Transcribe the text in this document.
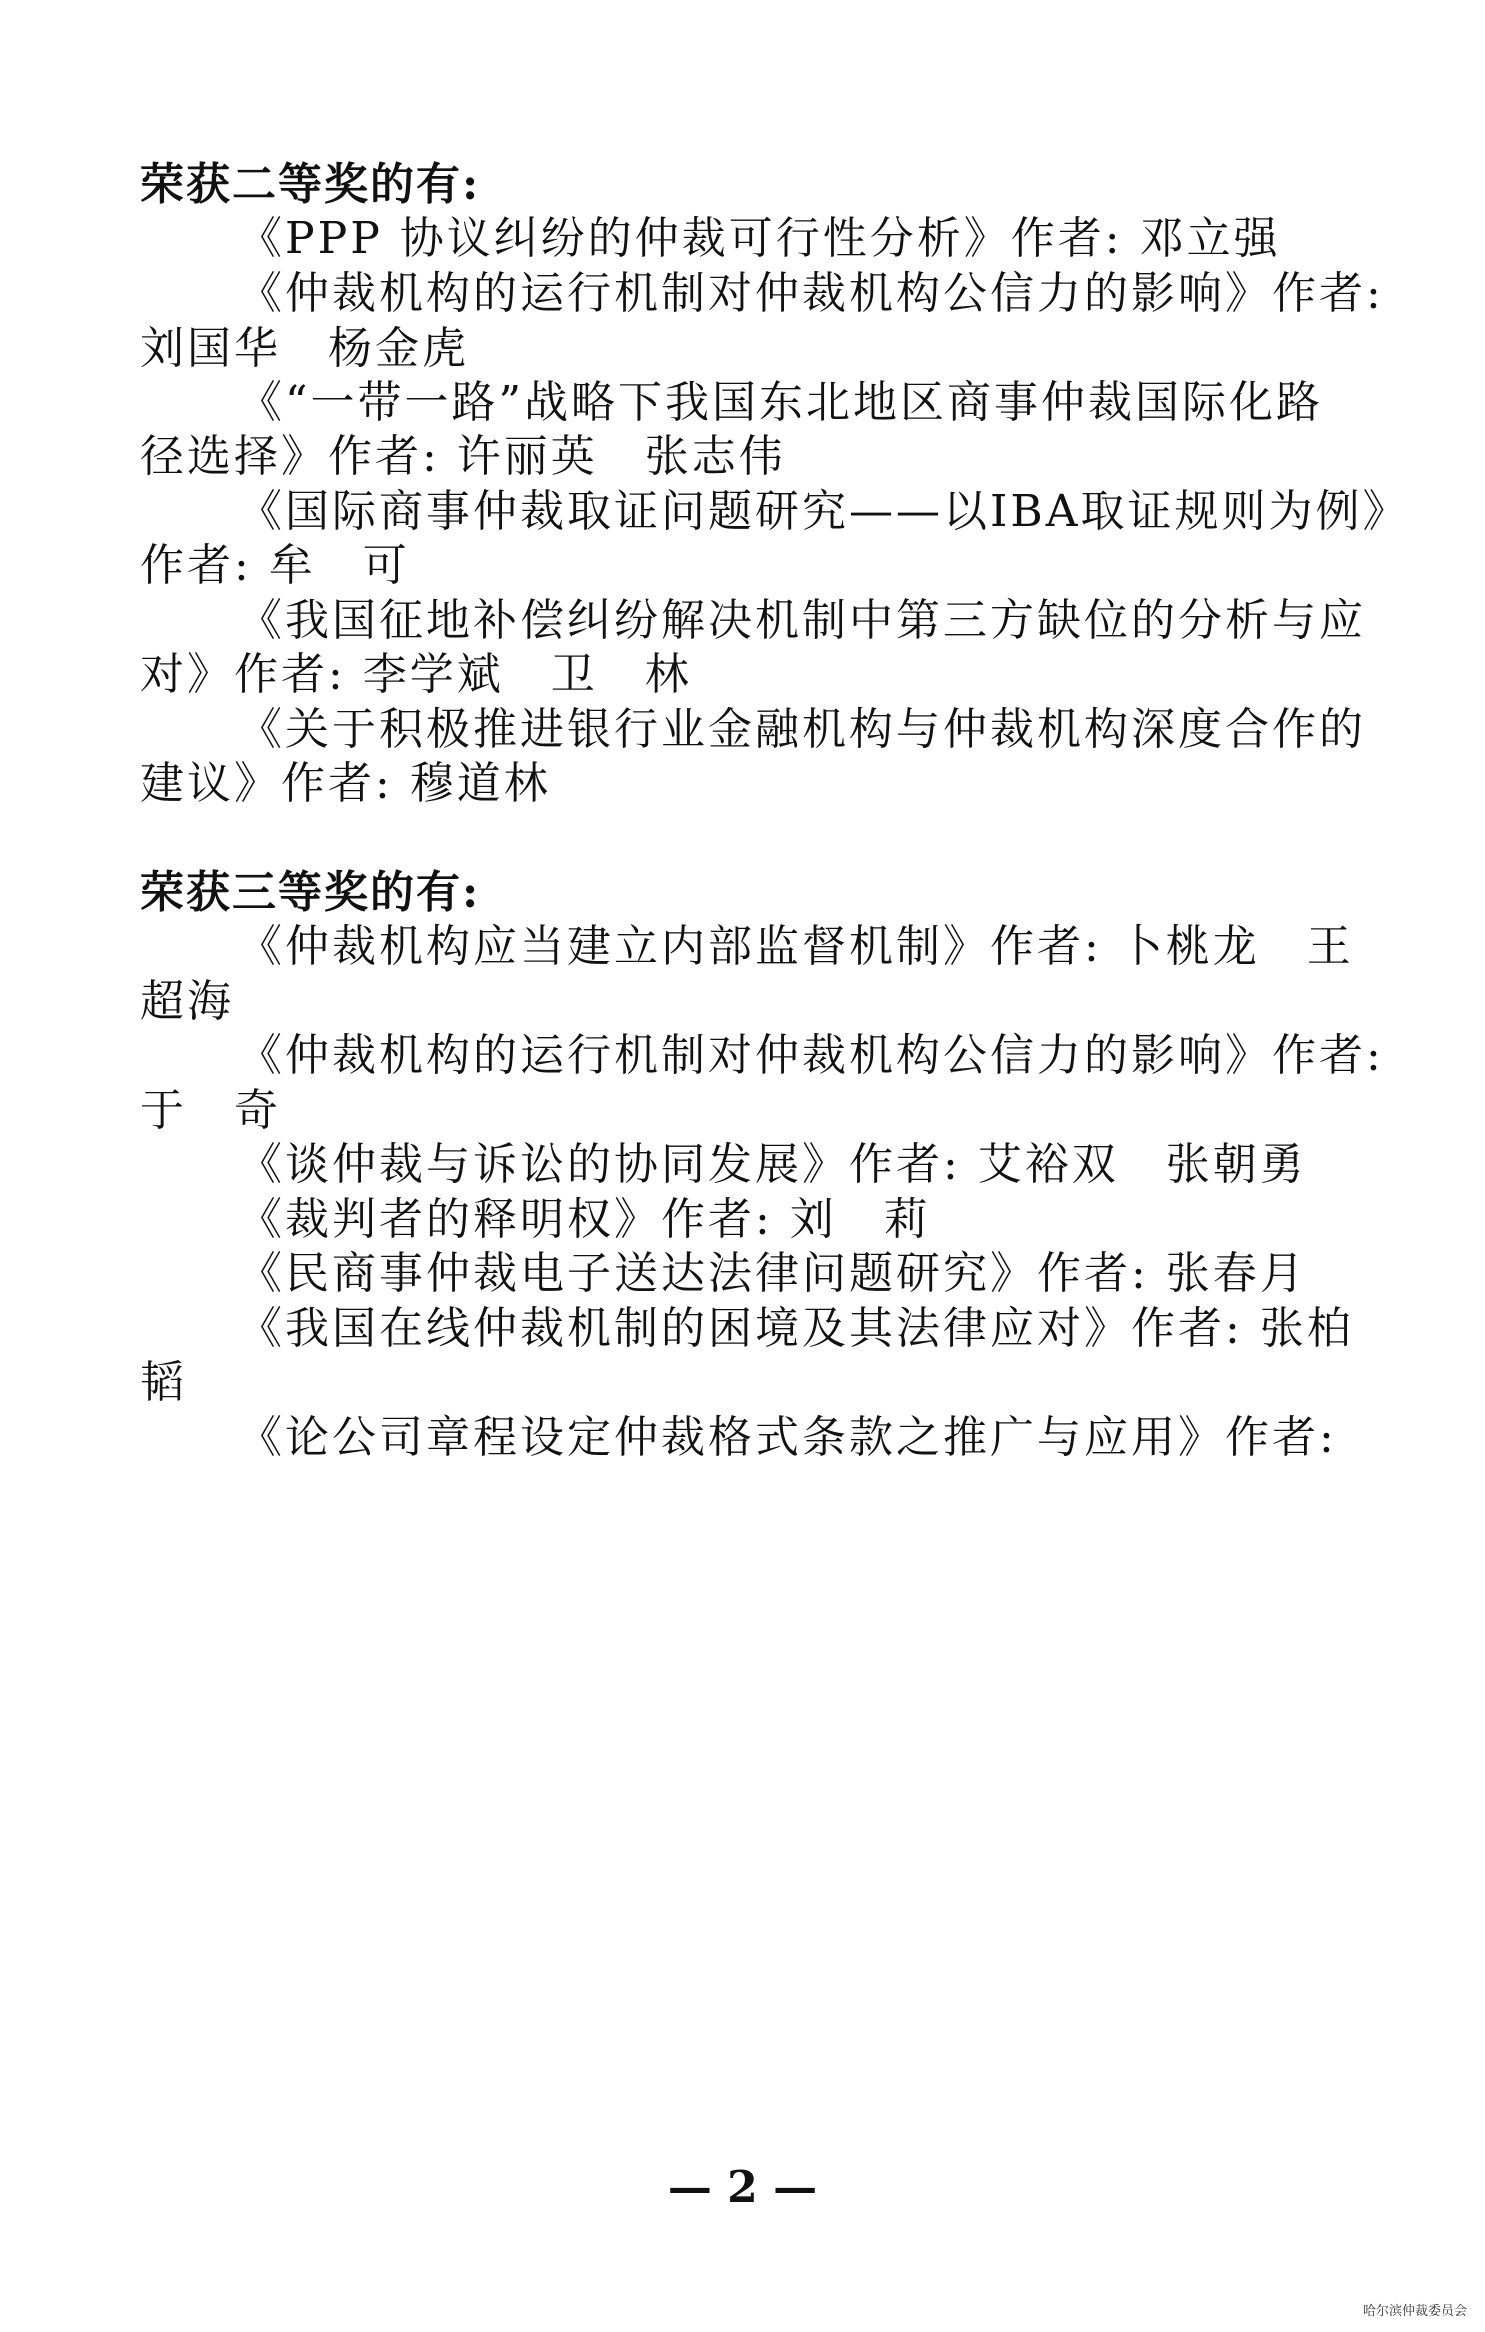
荣获二等奖的有:
《PPP 协议纠纷的仲裁可行性分析》作者: 邓立强
《仲裁机构的运行机制对仲裁机构公信力的影响》作者:
刘国华　杨金虎
《“一带一路”战略下我国东北地区商事仲裁国际化路
径选择》作者: 许丽英　张志伟
《国际商事仲裁取证问题研究——以IBA取证规则为例》
作者: 牟　可
《我国征地补偿纠纷解决机制中第三方缺位的分析与应
对》作者: 李学斌　卫　林
《关于积极推进银行业金融机构与仲裁机构深度合作的
建议》作者: 穆道林
荣获三等奖的有:
《仲裁机构应当建立内部监督机制》作者: 卜桃龙　王
超海
《仲裁机构的运行机制对仲裁机构公信力的影响》作者:
于　奇
《谈仲裁与诉讼的协同发展》作者: 艾裕双　张朝勇
《裁判者的释明权》作者: 刘　莉
《民商事仲裁电子送达法律问题研究》作者: 张春月
《我国在线仲裁机制的困境及其法律应对》作者: 张柏
韬
《论公司章程设定仲裁格式条款之推广与应用》作者:
— 2 —
哈尔滨仲裁委员会
